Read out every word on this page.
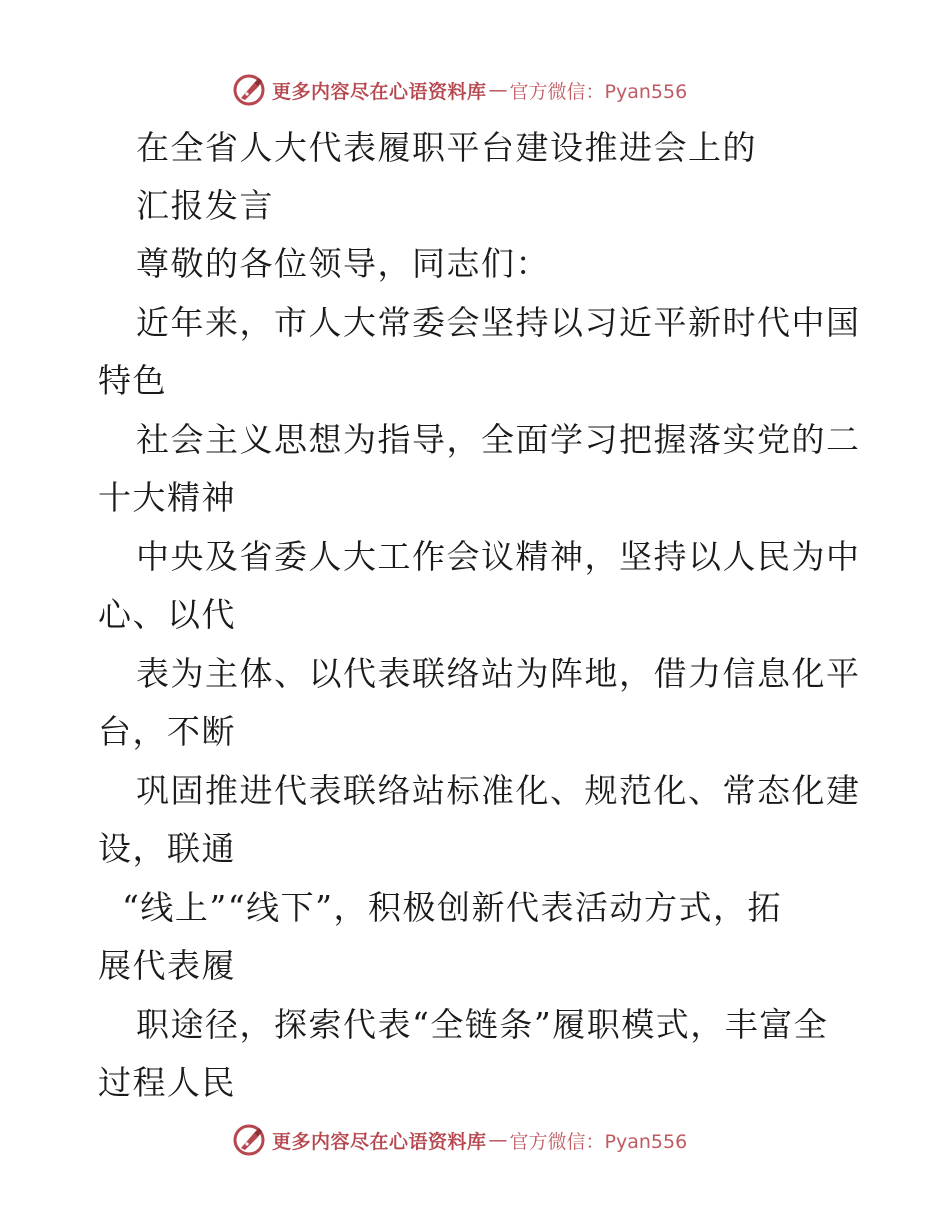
更多内容尽在心语资料库 — 官方微信：Pyan556
在全省人大代表履职平台建设推进会上的
汇报发言
尊敬的各位领导，同志们：
近年来，市人大常委会坚持以习近平新时代中国
特色
社会主义思想为指导，全面学习把握落实党的二
十大精神
中央及省委人大工作会议精神，坚持以人民为中
心、以代
表为主体、以代表联络站为阵地，借力信息化平
台，不断
巩固推进代表联络站标准化、规范化、常态化建
设，联通
“线上”“线下”，积极创新代表活动方式，拓
展代表履
职途径，探索代表“全链条”履职模式，丰富全
过程人民
更多内容尽在心语资料库 — 官方微信：Pyan556
